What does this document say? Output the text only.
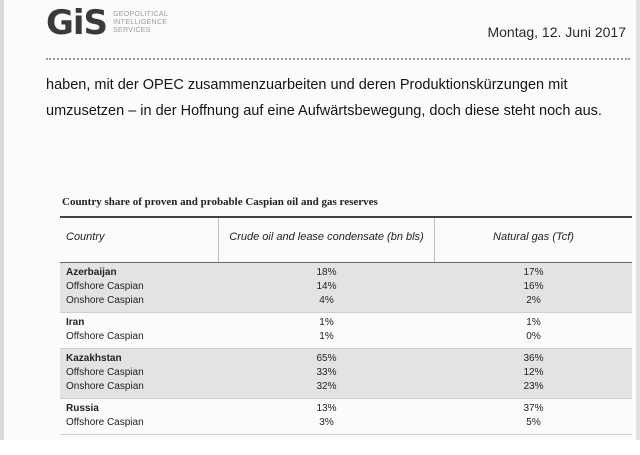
GiS GEOPOLITICAL
INTELLIGENCE
SERVICES	Montag, 12. Juni 2017
haben, mit der OPEC zusammenzuarbeiten und deren Produktionskürzungen mit umzusetzen – in der Hoffnung auf eine Aufwärtsbewegung, doch diese steht noch aus.
Country share of proven and probable Caspian oil and gas reserves
Country	Crude oil and lease condensate (bn bls)	Natural gas (Tcf)
Azerbaijan	18%	17%
Offshore Caspian	14%	16%
Onshore Caspian	4%	2%
Iran	1%	1%
Offshore Caspian	1%	0%
Kazakhstan	65%	36%
Offshore Caspian	33%	12%
Onshore Caspian	32%	23%
Russia	13%	37%
Offshore Caspian	3%	5%
